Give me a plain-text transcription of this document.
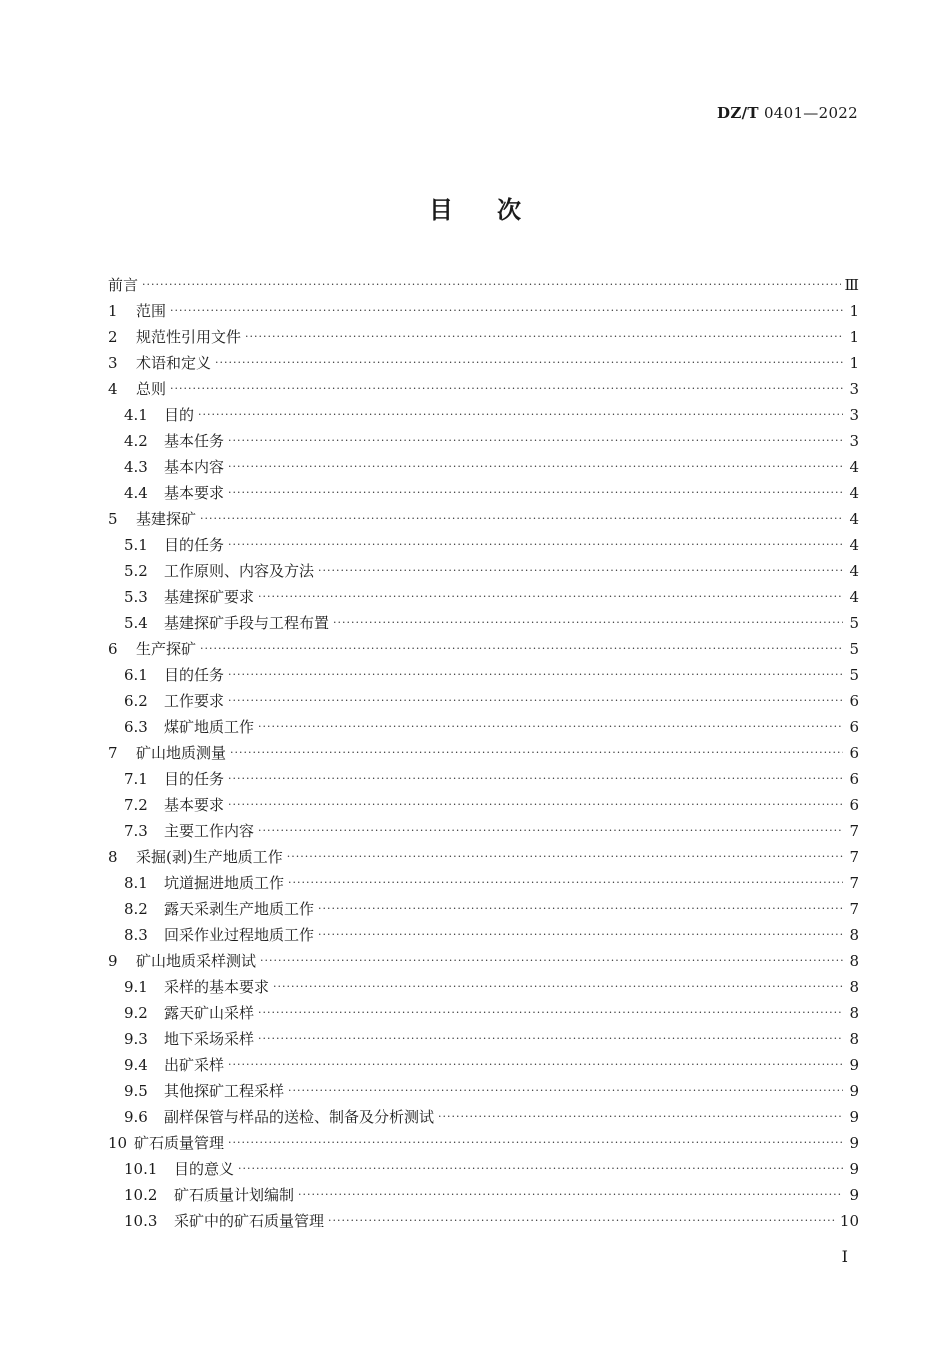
DZ/T 0401—2022
目次
前言 ·····	Ⅲ
1	范围 ·····	1
2	规范性引用文件 ·····	1
3	术语和定义 ·····	1
4	总则 ·····	3
4.1	目的 ·····	3
4.2	基本任务 ·····	3
4.3	基本内容 ·····	4
4.4	基本要求 ·····	4
5	基建探矿 ·····	4
5.1	目的任务 ·····	4
5.2	工作原则、内容及方法 ·····	4
5.3	基建探矿要求 ·····	4
5.4	基建探矿手段与工程布置 ·····	5
6	生产探矿 ·····	5
6.1	目的任务 ·····	5
6.2	工作要求 ·····	6
6.3	煤矿地质工作 ·····	6
7	矿山地质测量 ·····	6
7.1	目的任务 ·····	6
7.2	基本要求 ·····	6
7.3	主要工作内容 ·····	7
8	采掘(剥)生产地质工作 ·····	7
8.1	坑道掘进地质工作 ·····	7
8.2	露天采剥生产地质工作 ·····	7
8.3	回采作业过程地质工作 ·····	8
9	矿山地质采样测试 ·····	8
9.1	采样的基本要求 ·····	8
9.2	露天矿山采样 ·····	8
9.3	地下采场采样 ·····	8
9.4	出矿采样 ·····	9
9.5	其他探矿工程采样 ·····	9
9.6	副样保管与样品的送检、制备及分析测试 ·····	9
10 矿石质量管理 ·····	9
10.1	目的意义 ·····	9
10.2	矿石质量计划编制 ·····	9
10.3	采矿中的矿石质量管理 ·····	10
I
